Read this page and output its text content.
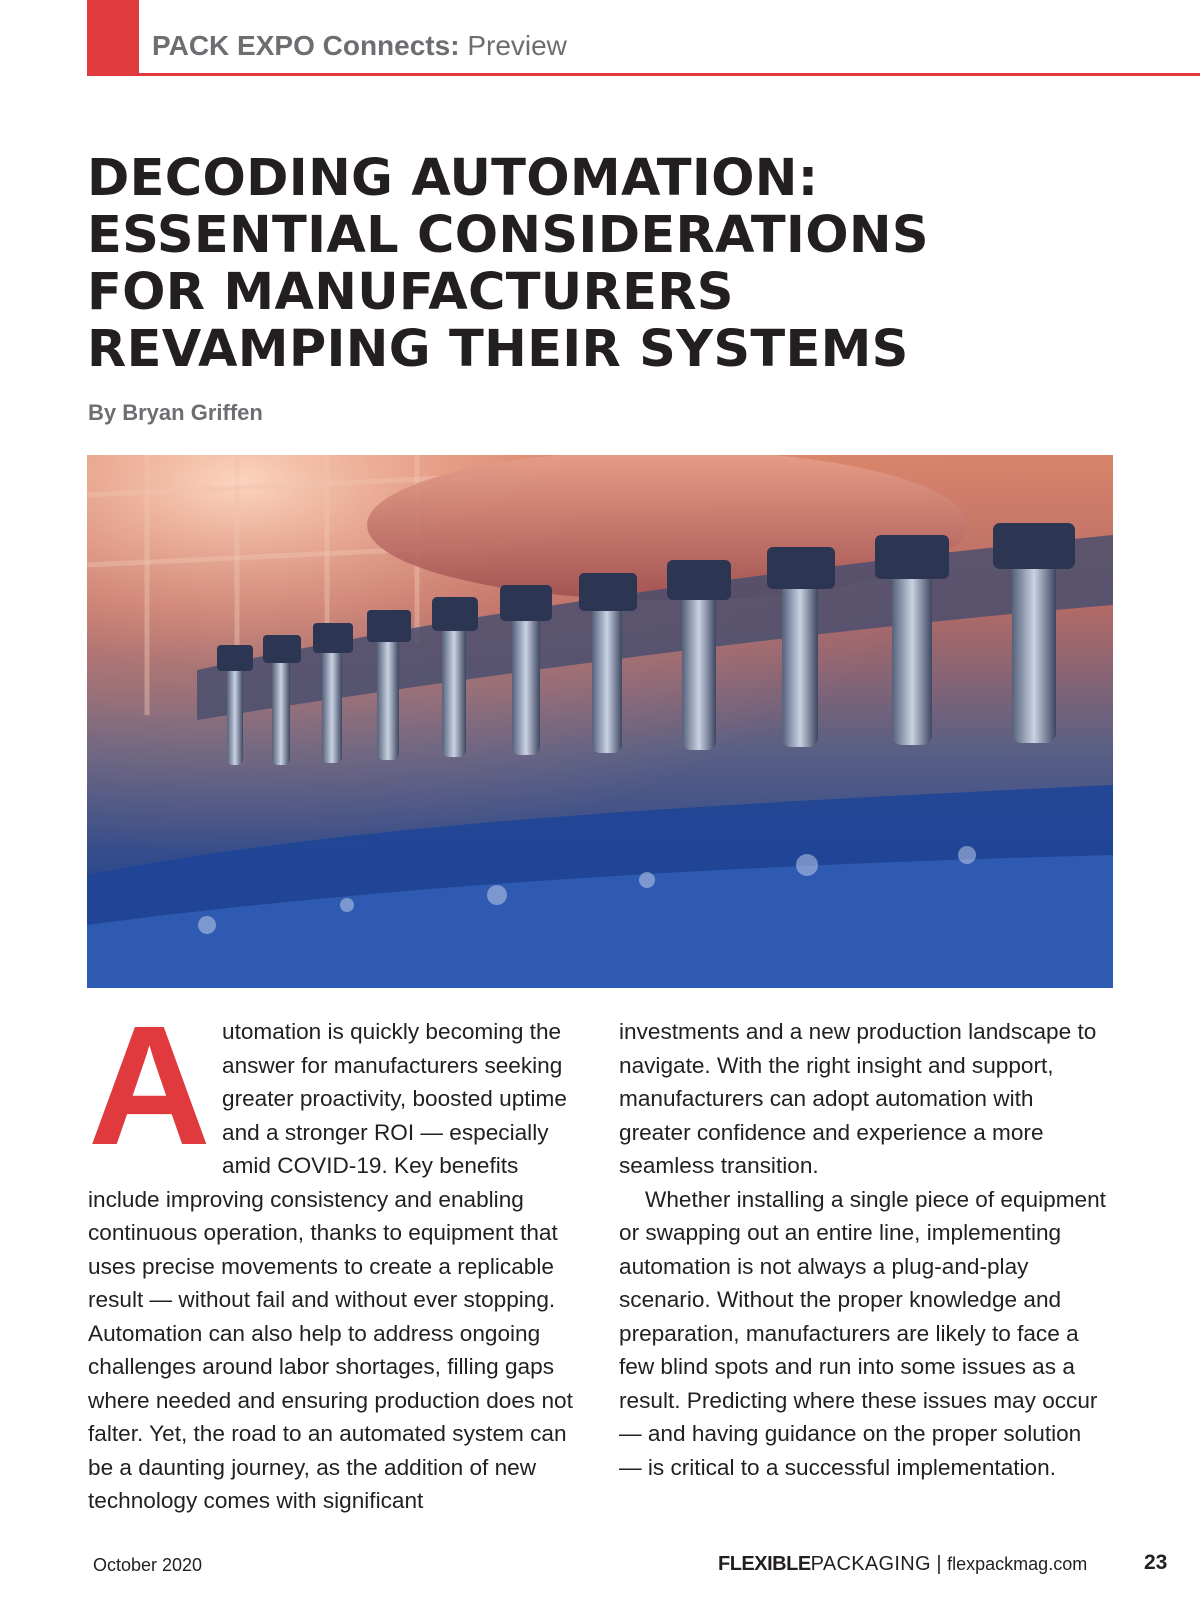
PACK EXPO Connects: Preview
DECODING AUTOMATION:
ESSENTIAL CONSIDERATIONS
FOR MANUFACTURERS
REVAMPING THEIR SYSTEMS
By Bryan Griffen
A utomation is quickly becoming the answer for manufacturers seeking greater proactivity, boosted uptime and a stronger ROI — especially amid COVID-19. Key benefits include improving consistency and enabling continuous operation, thanks to equipment that uses precise movements to create a replicable result — without fail and without ever stopping. Automation can also help to address ongoing challenges around labor shortages, filling gaps where needed and ensuring production does not falter. Yet, the road to an automated system can be a daunting journey, as the addition of new technology comes with significant

investments and a new production landscape to navigate. With the right insight and support, manufacturers can adopt automation with greater confidence and experience a more seamless transition.

Whether installing a single piece of equipment or swapping out an entire line, implementing automation is not always a plug-and-play scenario. Without the proper knowledge and preparation, manufacturers are likely to face a few blind spots and run into some issues as a result. Predicting where these issues may occur — and having guidance on the proper solution — is critical to a successful implementation.

October 2020	FLEXIBLEPACKAGING | flexpackmag.com	23
